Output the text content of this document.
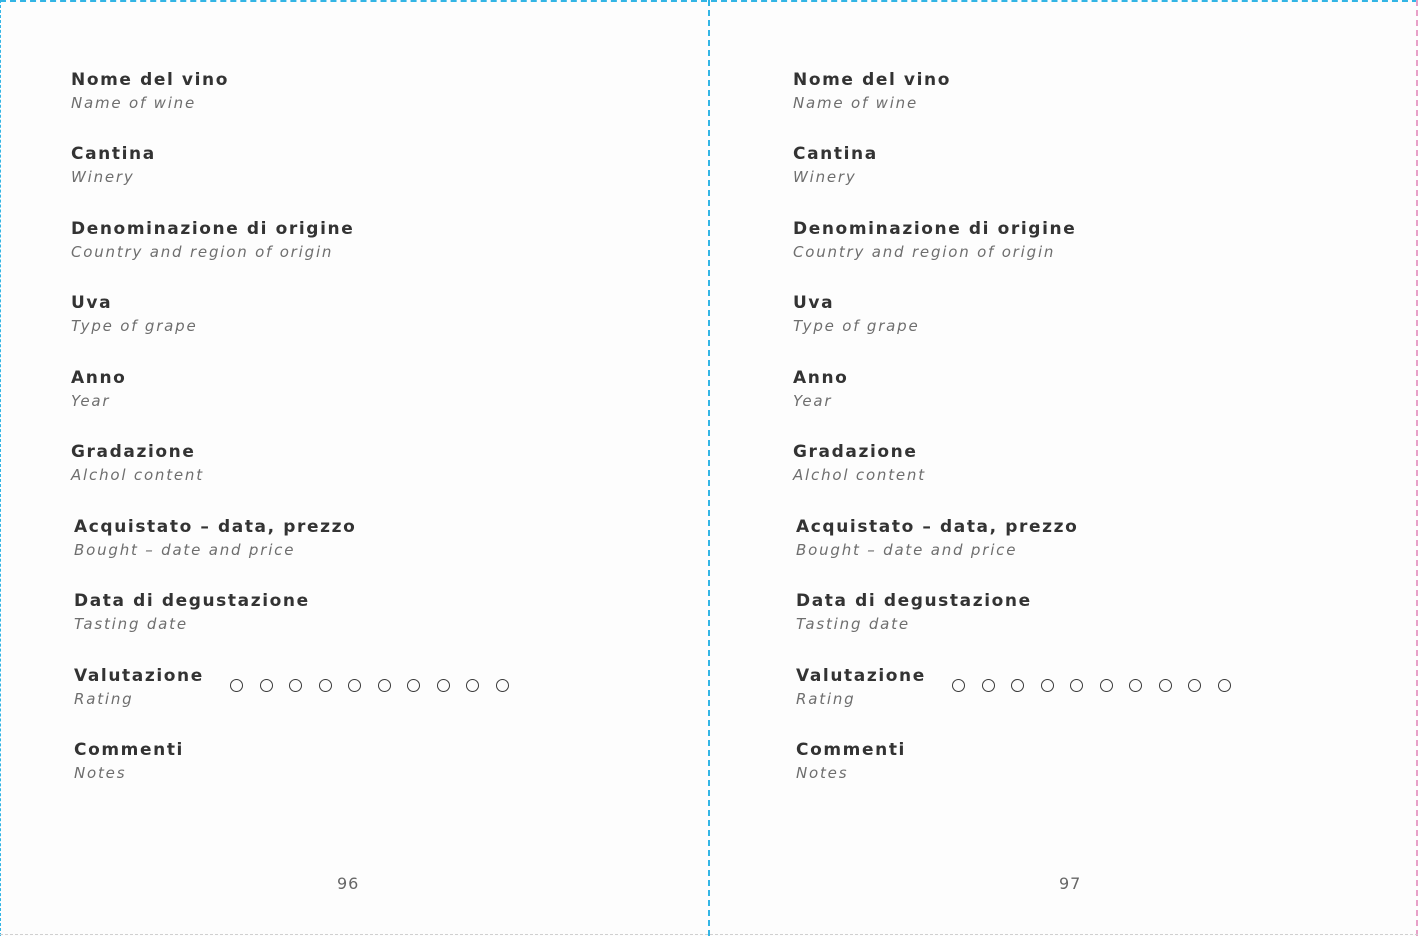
Nome del vino
Name of wine
Cantina
Winery
Denominazione di origine
Country and region of origin
Uva
Type of grape
Anno
Year
Gradazione
Alchol content
Acquistato – data, prezzo
Bought – date and price
Data di degustazione
Tasting date
Valutazione
Rating
Commenti
Notes
96
Nome del vino
Name of wine
Cantina
Winery
Denominazione di origine
Country and region of origin
Uva
Type of grape
Anno
Year
Gradazione
Alchol content
Acquistato – data, prezzo
Bought – date and price
Data di degustazione
Tasting date
Valutazione
Rating
Commenti
Notes
97
